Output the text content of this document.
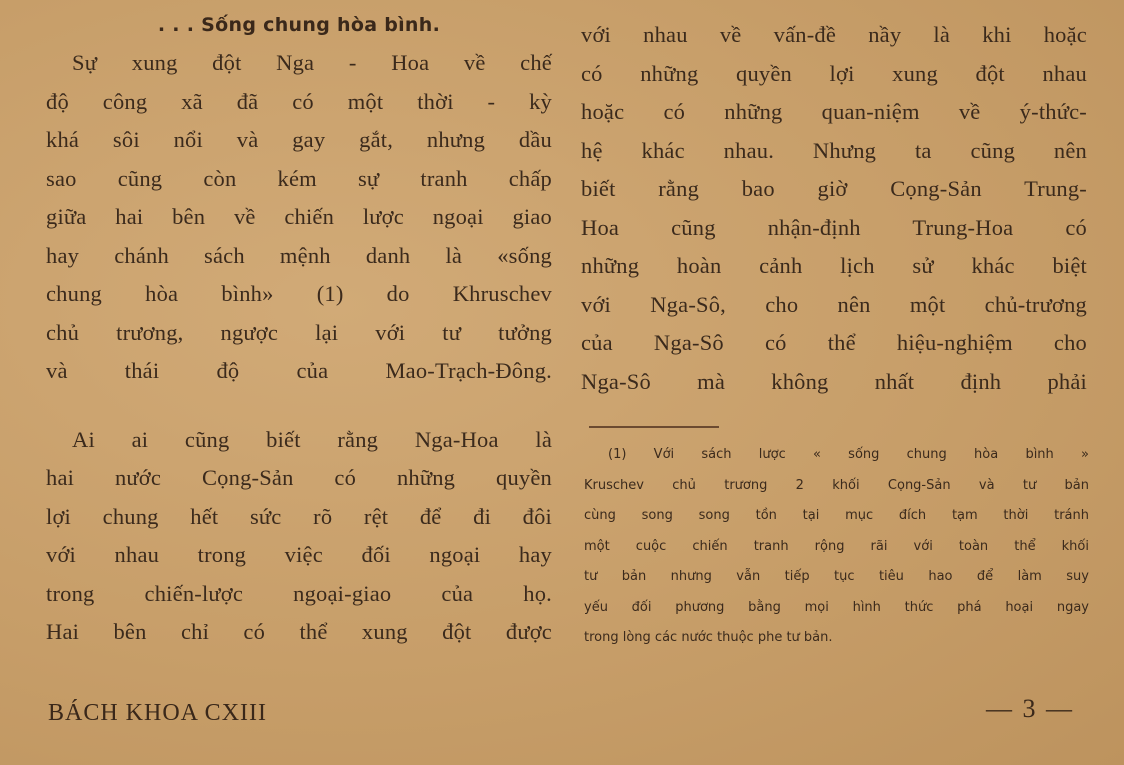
. . . Sống chung hòa bình.
Sự xung đột Nga - Hoa về chế
độ công xã đã có một thời - kỳ
khá sôi nổi và gay gắt, nhưng dầu
sao cũng còn kém sự tranh chấp
giữa hai bên về chiến lược ngoại giao
hay chánh sách mệnh danh là «sống
chung hòa bình» (1) do Khruschev
chủ trương, ngược lại với tư tưởng
và thái độ của Mao-Trạch-Đông.
Ai ai cũng biết rằng Nga-Hoa là
hai nước Cọng-Sản có những quyền
lợi chung hết sức rõ rệt để đi đôi
với nhau trong việc đối ngoại hay
trong chiến-lược ngoại-giao của họ.
Hai bên chỉ có thể xung đột được
với nhau về vấn-đề nầy là khi hoặc
có những quyền lợi xung đột nhau
hoặc có những quan-niệm về ý-thức-
hệ khác nhau. Nhưng ta cũng nên
biết rằng bao giờ Cọng-Sản Trung-
Hoa cũng nhận-định Trung-Hoa có
những hoàn cảnh lịch sử khác biệt
với Nga-Sô, cho nên một chủ-trương
của Nga-Sô có thể hiệu-nghiệm cho
Nga-Sô mà không nhất định phải
(1) Với sách lược « sống chung hòa bình »
Kruschev chủ trương 2 khối Cọng-Sản và tư bản
cùng song song tồn tại mục đích tạm thời tránh
một cuộc chiến tranh rộng rãi với toàn thể khối
tư bản nhưng vẫn tiếp tục tiêu hao để làm suy
yếu đối phương bằng mọi hình thức phá hoại ngay
trong lòng các nước thuộc phe tư bản.
BÁCH KHOA CXIII	— 3 —
